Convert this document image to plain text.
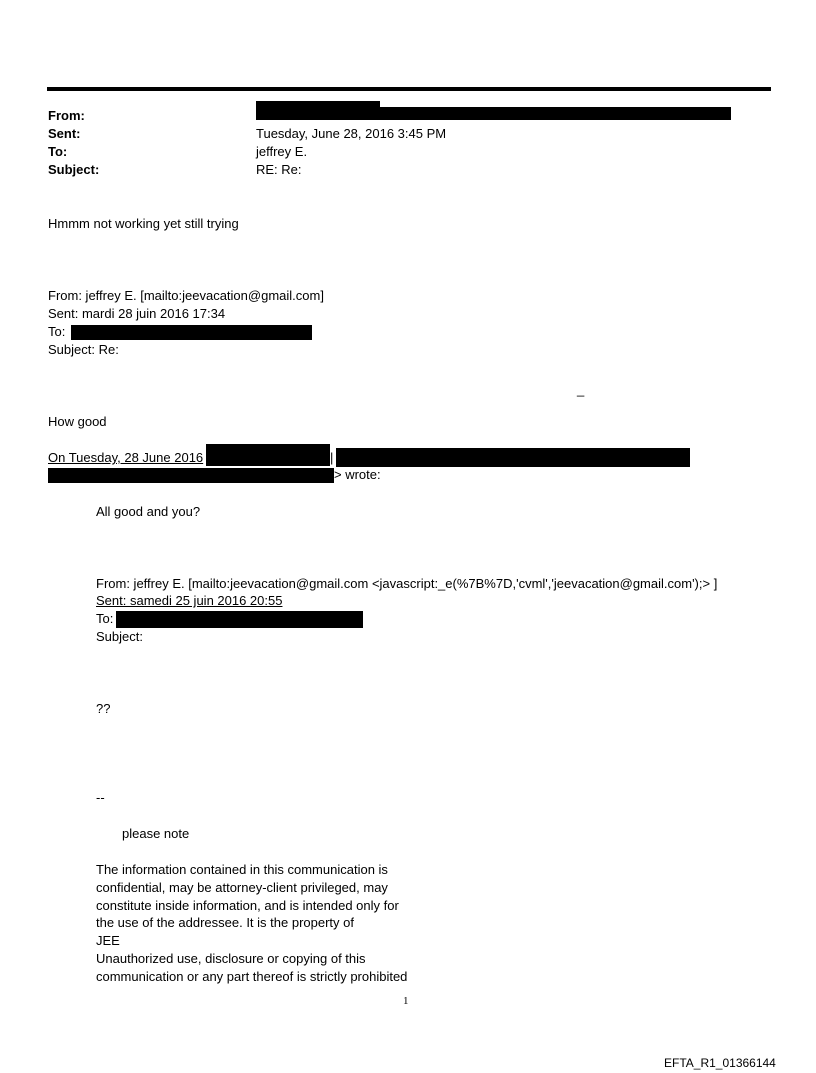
From:
Sent:	Tuesday, June 28, 2016 3:45 PM
To:	jeffrey E.
Subject:	RE: Re:
Hmmm not working yet still trying
From: jeffrey E. [mailto:jeevacation@gmail.com]
Sent: mardi 28 juin 2016 17:34
To:
Subject: Re:
_
How good
On Tuesday, 28 June 2016	|
> wrote:
All good and you?
From: jeffrey E. [mailto:jeevacation@gmail.com <javascript:_e(%7B%7D,'cvml','jeevacation@gmail.com');> ]
Sent: samedi 25 juin 2016 20:55
To:
Subject:
??
--
please note
The information contained in this communication is
confidential, may be attorney-client privileged, may
constitute inside information, and is intended only for
the use of the addressee. It is the property of
JEE
Unauthorized use, disclosure or copying of this
communication or any part thereof is strictly prohibited
1
EFTA_R1_01366144
